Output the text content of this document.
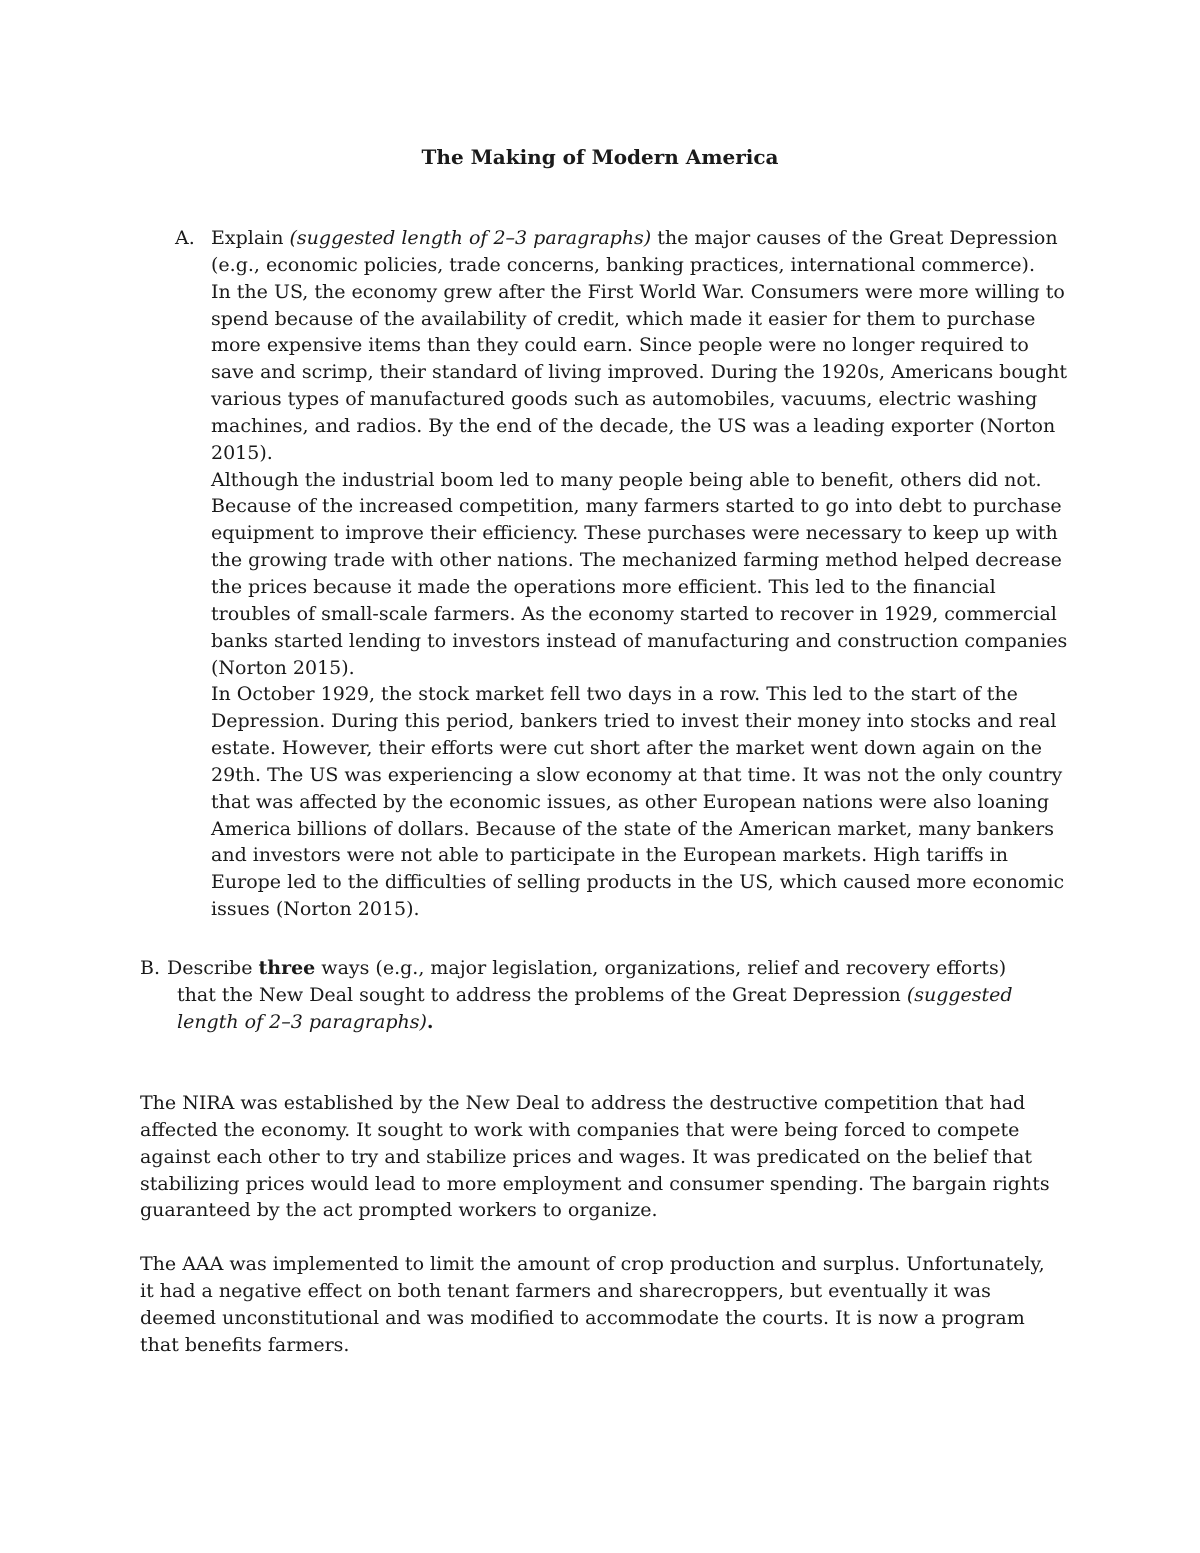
The Making of Modern America
A. Explain (suggested length of 2–3 paragraphs) the major causes of the Great Depression (e.g., economic policies, trade concerns, banking practices, international commerce).

In the US, the economy grew after the First World War. Consumers were more willing to spend because of the availability of credit, which made it easier for them to purchase more expensive items than they could earn. Since people were no longer required to save and scrimp, their standard of living improved. During the 1920s, Americans bought various types of manufactured goods such as automobiles, vacuums, electric washing machines, and radios. By the end of the decade, the US was a leading exporter (Norton 2015).

Although the industrial boom led to many people being able to benefit, others did not. Because of the increased competition, many farmers started to go into debt to purchase equipment to improve their efficiency. These purchases were necessary to keep up with the growing trade with other nations. The mechanized farming method helped decrease the prices because it made the operations more efficient. This led to the financial troubles of small-scale farmers. As the economy started to recover in 1929, commercial banks started lending to investors instead of manufacturing and construction companies (Norton 2015).

In October 1929, the stock market fell two days in a row. This led to the start of the Depression. During this period, bankers tried to invest their money into stocks and real estate. However, their efforts were cut short after the market went down again on the 29th. The US was experiencing a slow economy at that time. It was not the only country that was affected by the economic issues, as other European nations were also loaning America billions of dollars. Because of the state of the American market, many bankers and investors were not able to participate in the European markets. High tariffs in Europe led to the difficulties of selling products in the US, which caused more economic issues (Norton 2015).

B. Describe three ways (e.g., major legislation, organizations, relief and recovery efforts) that the New Deal sought to address the problems of the Great Depression (suggested length of 2–3 paragraphs).

The NIRA was established by the New Deal to address the destructive competition that had affected the economy. It sought to work with companies that were being forced to compete against each other to try and stabilize prices and wages. It was predicated on the belief that stabilizing prices would lead to more employment and consumer spending. The bargain rights guaranteed by the act prompted workers to organize.

The AAA was implemented to limit the amount of crop production and surplus. Unfortunately, it had a negative effect on both tenant farmers and sharecroppers, but eventually it was deemed unconstitutional and was modified to accommodate the courts. It is now a program that benefits farmers.
